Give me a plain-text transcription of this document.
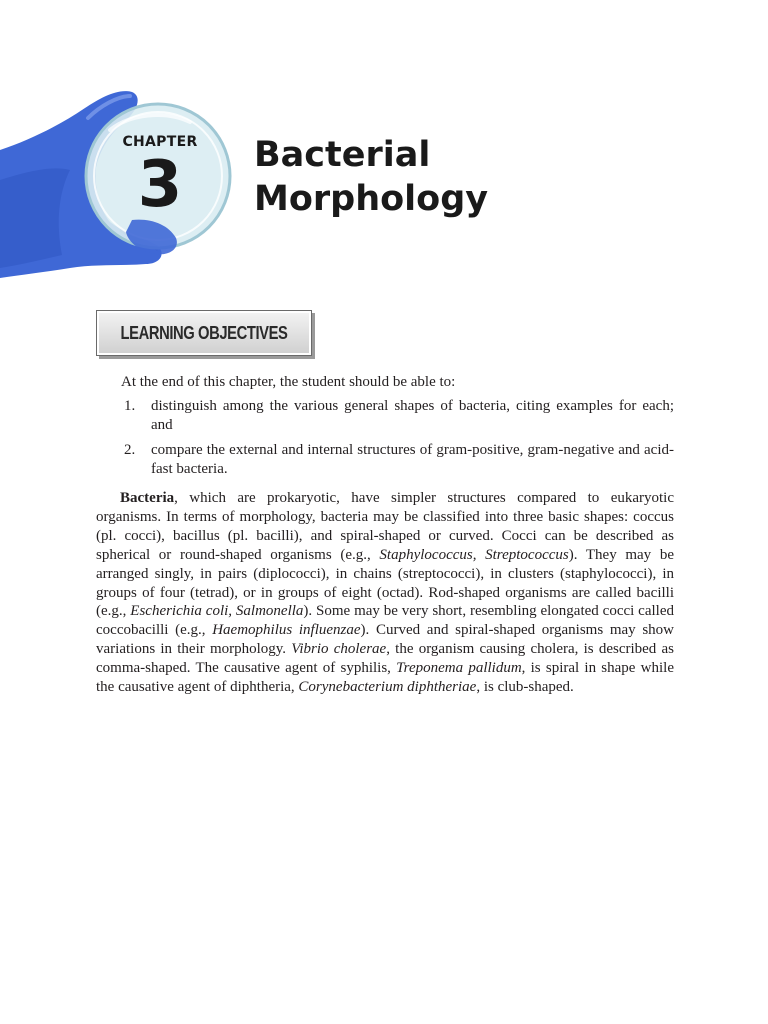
CHAPTER
3	Bacterial
Morphology
LEARNING OBJECTIVES

At the end of this chapter, the student should be able to:

1. distinguish among the various general shapes of bacteria, citing examples for each; and
2. compare the external and internal structures of gram-positive, gram-negative and acid-fast bacteria.

Bacteria, which are prokaryotic, have simpler structures compared to eukaryotic organisms. In terms of morphology, bacteria may be classified into three basic shapes: coccus (pl. cocci), bacillus (pl. bacilli), and spiral-shaped or curved. Cocci can be described as spherical or round-shaped organisms (e.g., Staphylococcus, Streptococcus). They may be arranged singly, in pairs (diplococci), in chains (streptococci), in clusters (staphylococci), in groups of four (tetrad), or in groups of eight (octad). Rod-shaped organisms are called bacilli (e.g., Escherichia coli, Salmonella). Some may be very short, resembling elongated cocci called coccobacilli (e.g., Haemophilus influenzae). Curved and spiral-shaped organisms may show variations in their morphology. Vibrio cholerae, the organism causing cholera, is described as comma-shaped. The causative agent of syphilis, Treponema pallidum, is spiral in shape while the causative agent of diphtheria, Corynebacterium diphtheriae, is club-shaped.
